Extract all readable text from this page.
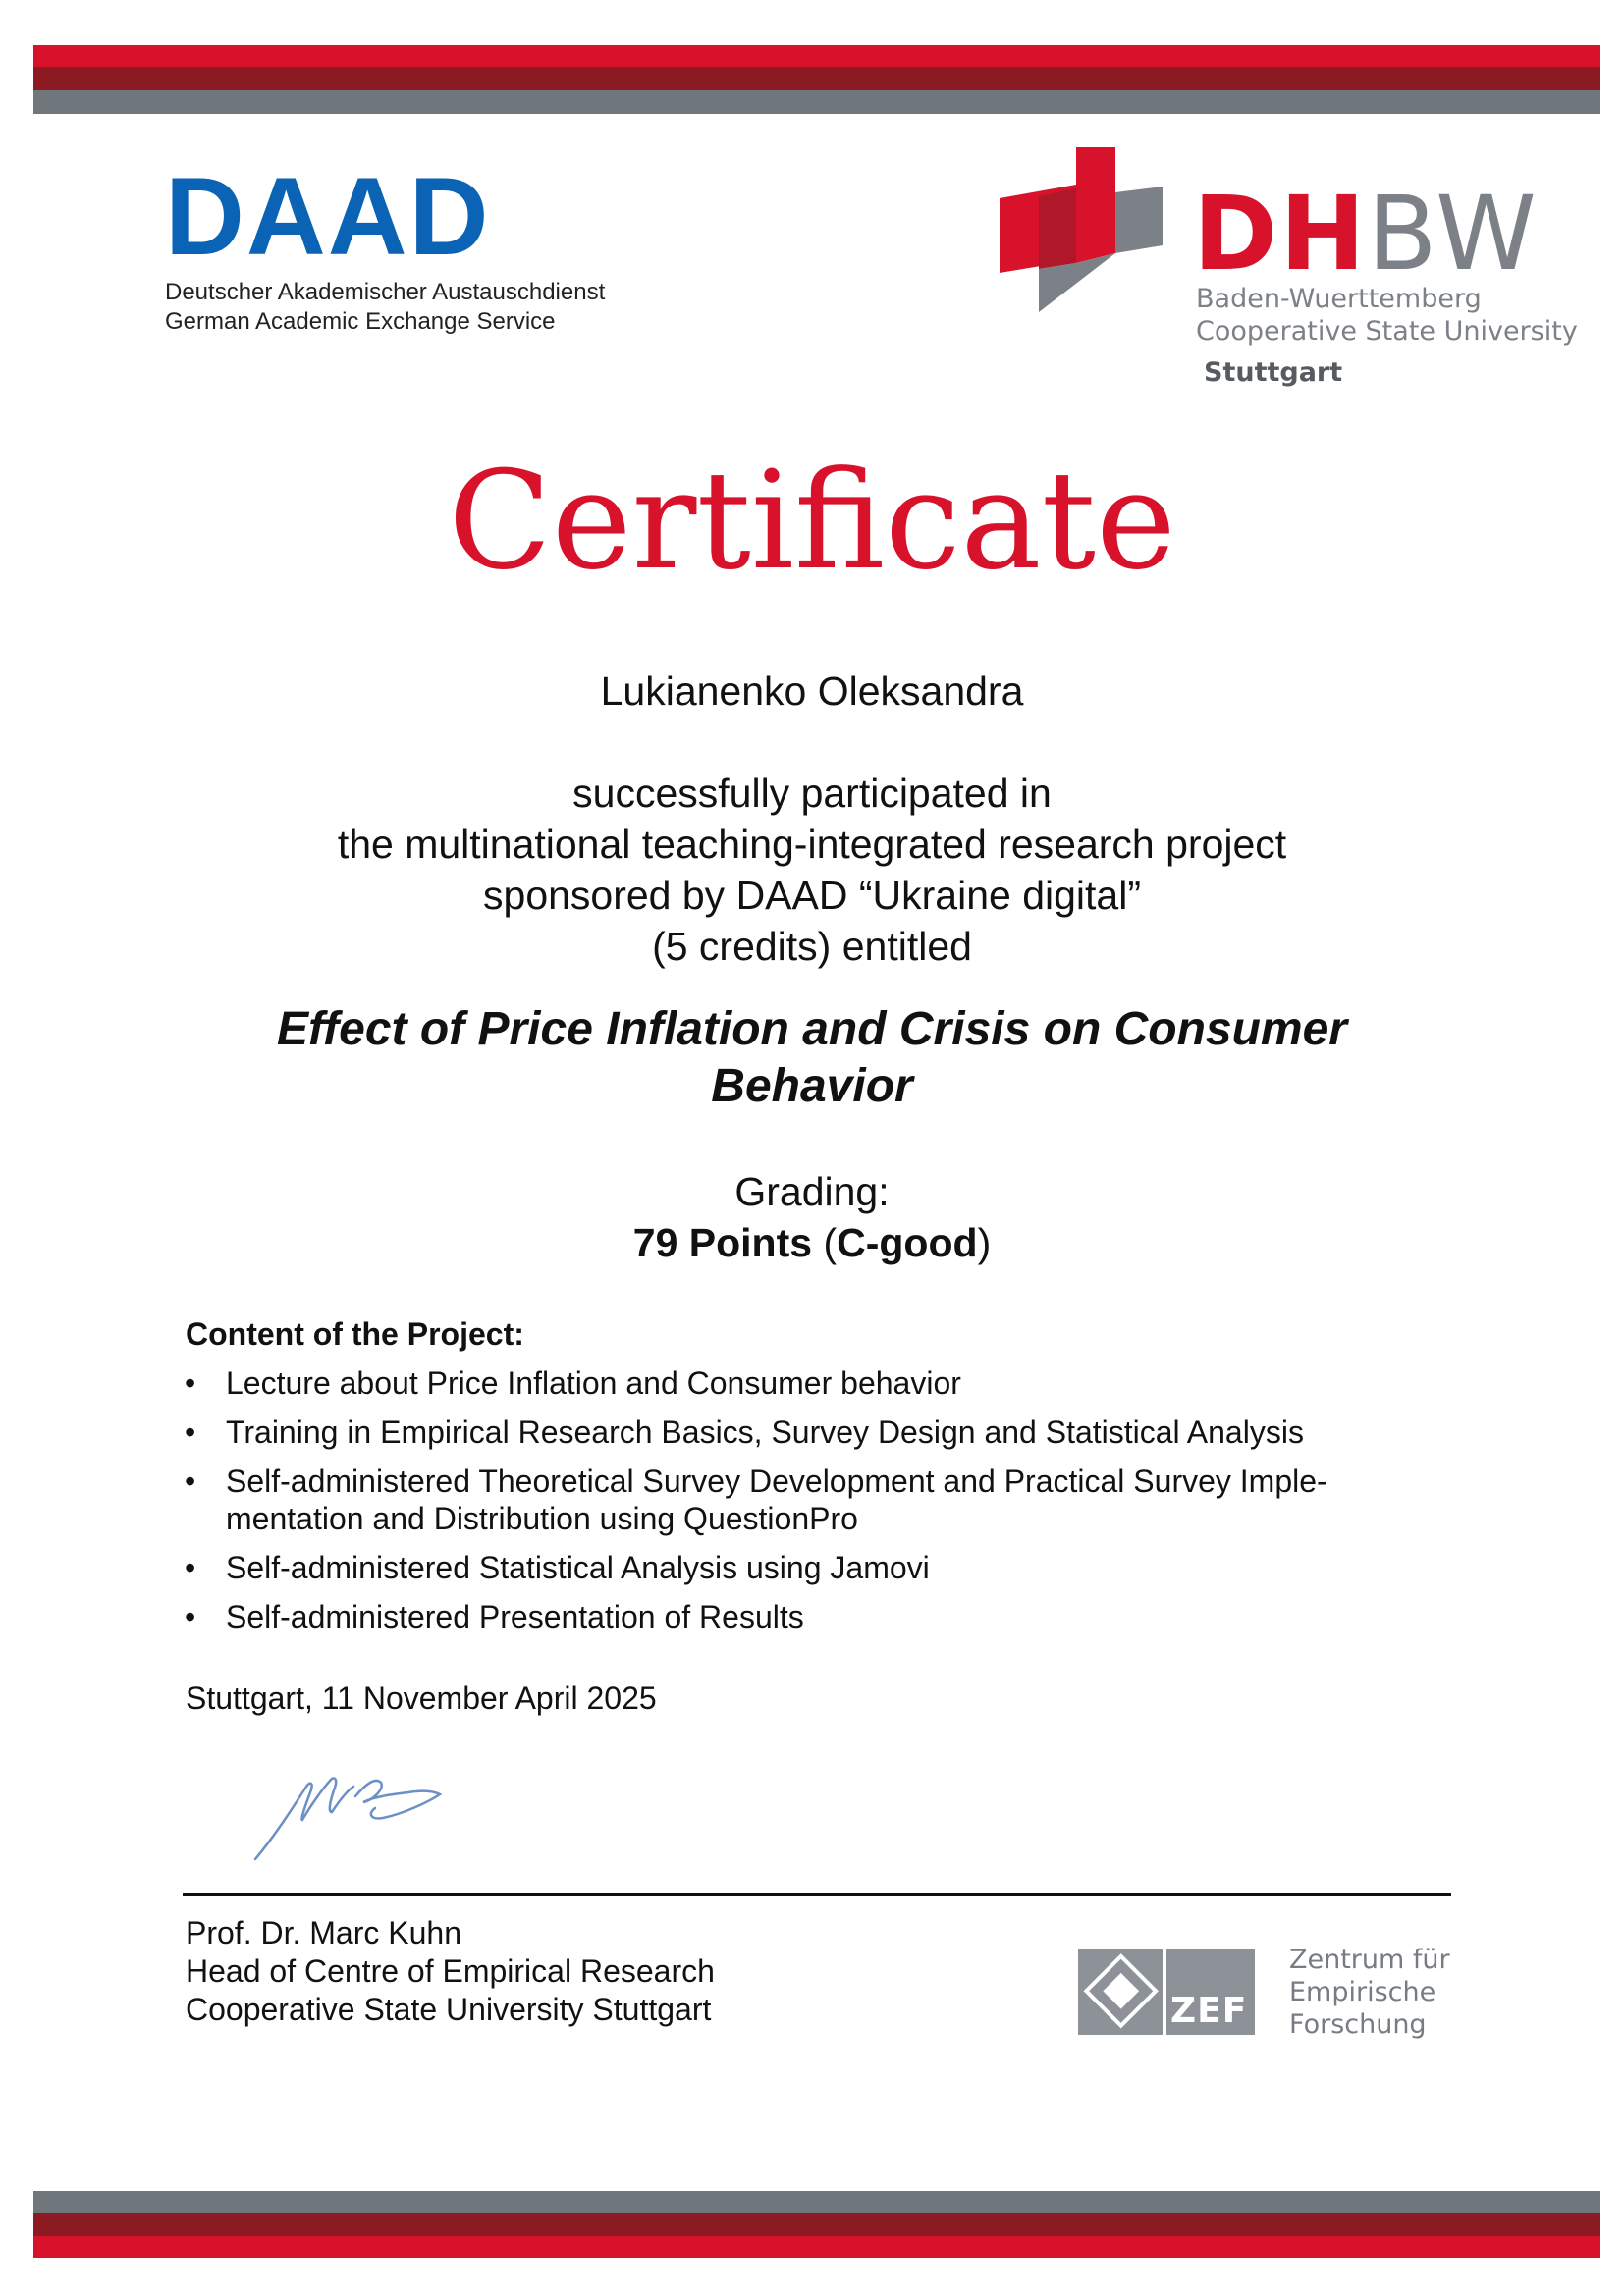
DAAD
Deutscher Akademischer Austauschdienst
German Academic Exchange Service
DHBW
Baden-Wuerttemberg
Cooperative State University
Stuttgart
Certificate
Lukianenko Oleksandra
successfully participated in
the multinational teaching-integrated research project
sponsored by DAAD “Ukraine digital”
(5 credits) entitled
Effect of Price Inflation and Crisis on Consumer
Behavior
Grading:
79 Points (C-good)
Content of the Project:
• Lecture about Price Inflation and Consumer behavior
• Training in Empirical Research Basics, Survey Design and Statistical Analysis
• Self-administered Theoretical Survey Development and Practical Survey Imple-mentation and Distribution using QuestionPro
• Self-administered Statistical Analysis using Jamovi
• Self-administered Presentation of Results
Stuttgart, 11 November April 2025
Prof. Dr. Marc Kuhn
Head of Centre of Empirical Research
Cooperative State University Stuttgart	ZEF
Zentrum für
Empirische
Forschung
